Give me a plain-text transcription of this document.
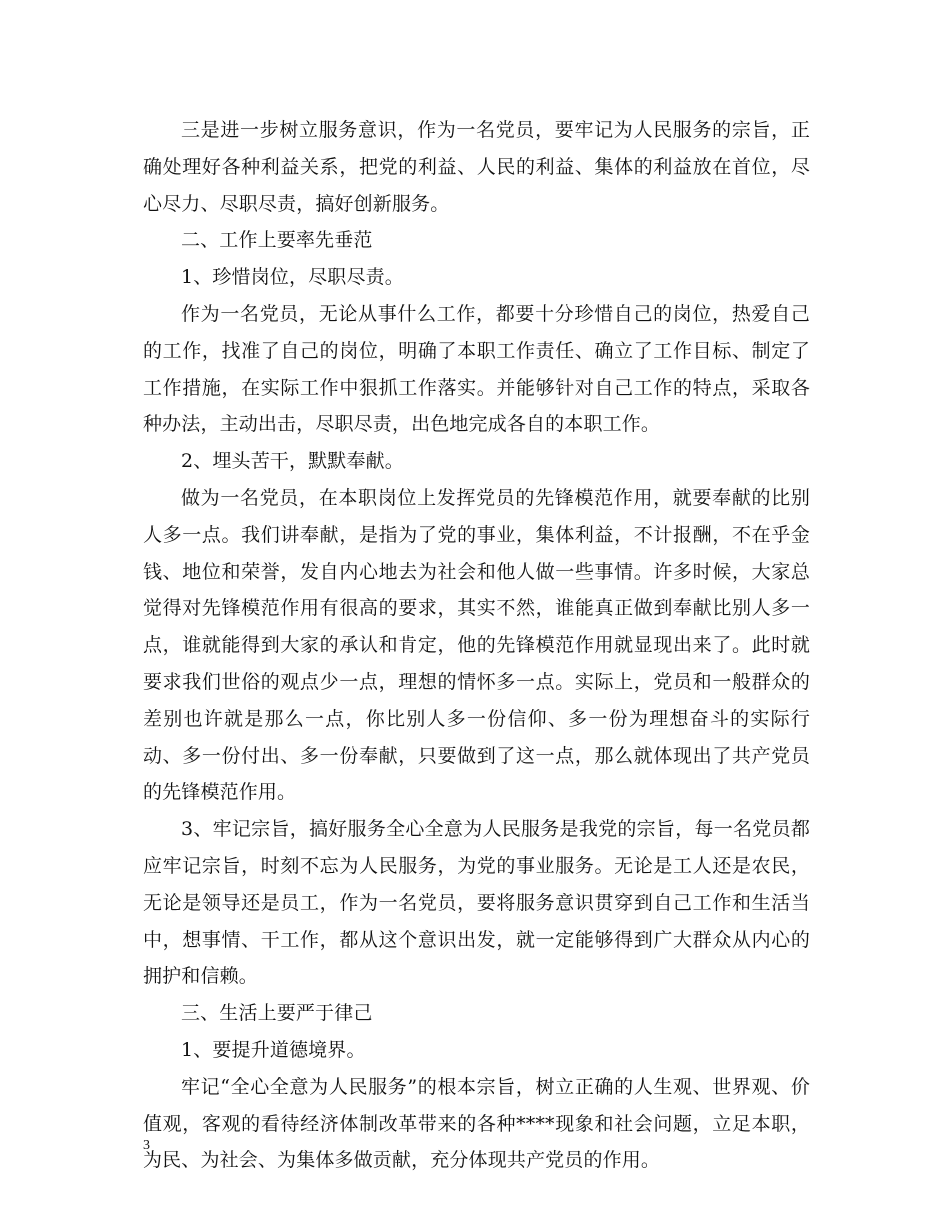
三是进一步树立服务意识，作为一名党员，要牢记为人民服务的宗旨，正确处理好各种利益关系，把党的利益、人民的利益、集体的利益放在首位，尽心尽力、尽职尽责，搞好创新服务。

二、工作上要率先垂范

1、珍惜岗位，尽职尽责。

作为一名党员，无论从事什么工作，都要十分珍惜自己的岗位，热爱自己的工作，找准了自己的岗位，明确了本职工作责任、确立了工作目标、制定了工作措施，在实际工作中狠抓工作落实。并能够针对自己工作的特点，采取各种办法，主动出击，尽职尽责，出色地完成各自的本职工作。

2、埋头苦干，默默奉献。

做为一名党员，在本职岗位上发挥党员的先锋模范作用，就要奉献的比别人多一点。我们讲奉献，是指为了党的事业，集体利益，不计报酬，不在乎金钱、地位和荣誉，发自内心地去为社会和他人做一些事情。许多时候，大家总觉得对先锋模范作用有很高的要求，其实不然，谁能真正做到奉献比别人多一点，谁就能得到大家的承认和肯定，他的先锋模范作用就显现出来了。此时就要求我们世俗的观点少一点，理想的情怀多一点。实际上，党员和一般群众的差别也许就是那么一点，你比别人多一份信仰、多一份为理想奋斗的实际行动、多一份付出、多一份奉献，只要做到了这一点，那么就体现出了共产党员的先锋模范作用。

3、牢记宗旨，搞好服务全心全意为人民服务是我党的宗旨，每一名党员都应牢记宗旨，时刻不忘为人民服务，为党的事业服务。无论是工人还是农民，无论是领导还是员工，作为一名党员，要将服务意识贯穿到自己工作和生活当中，想事情、干工作，都从这个意识出发，就一定能够得到广大群众从内心的拥护和信赖。

三、生活上要严于律己

1、要提升道德境界。

牢记“全心全意为人民服务”的根本宗旨，树立正确的人生观、世界观、价值观，客观的看待经济体制改革带来的各种****现象和社会问题，立足本职，为民、为社会、为集体多做贡献，充分体现共产党员的作用。

3
